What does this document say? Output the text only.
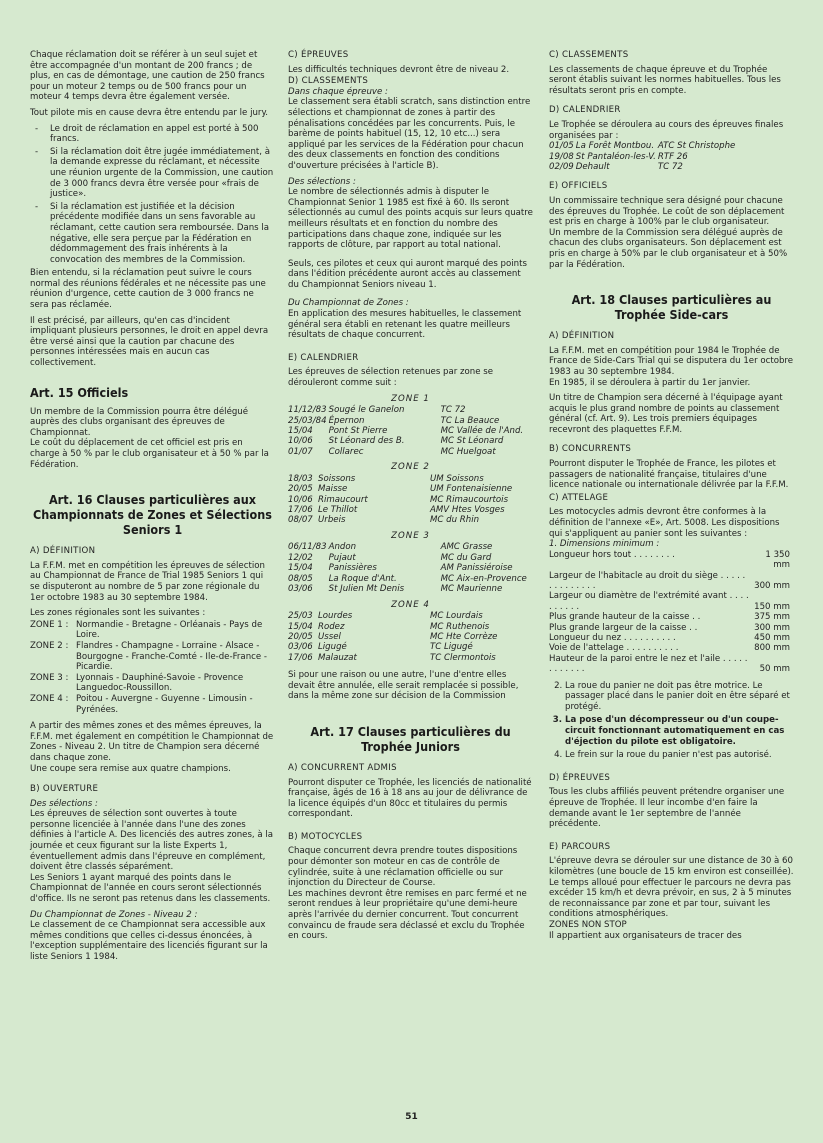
Chaque réclamation doit se référer à un seul sujet et être accompagnée d'un montant de 200 francs ; de plus, en cas de démontage, une caution de 250 francs pour un moteur 2 temps ou de 500 francs pour un moteur 4 temps devra être également versée.

Tout pilote mis en cause devra être entendu par le jury.

- Le droit de réclamation en appel est porté à 500 francs.
- Si la réclamation doit être jugée immédiatement, à la demande expresse du réclamant, et nécessite une réunion urgente de la Commission, une caution de 3 000 francs devra être versée pour «frais de justice».
- Si la réclamation est justifiée et la décision précédente modifiée dans un sens favorable au réclamant, cette caution sera remboursée. Dans la négative, elle sera perçue par la Fédération en dédommagement des frais inhérents à la convocation des membres de la Commission.

Bien entendu, si la réclamation peut suivre le cours normal des réunions fédérales et ne nécessite pas une réunion d'urgence, cette caution de 3 000 francs ne sera pas réclamée.

Il est précisé, par ailleurs, qu'en cas d'incident impliquant plusieurs personnes, le droit en appel devra être versé ainsi que la caution par chacune des personnes intéressées mais en aucun cas collectivement.

Art. 15 Officiels

Un membre de la Commission pourra être délégué auprès des clubs organisant des épreuves de Championnat.

Le coût du déplacement de cet officiel est pris en charge à 50 % par le club organisateur et à 50 % par la Fédération.

Art. 16 Clauses particulières aux Championnats de Zones et Sélections Seniors 1
A) DÉFINITION

La F.F.M. met en compétition les épreuves de sélection au Championnat de France de Trial 1985 Seniors 1 qui se disputeront au nombre de 5 par zone régionale du 1er octobre 1983 au 30 septembre 1984.

Les zones régionales sont les suivantes :

ZONE 1 : Normandie - Bretagne - Orléanais - Pays de Loire.
ZONE 2 : Flandres - Champagne - Lorraine - Alsace - Bourgogne - Franche-Comté - Ile-de-France - Picardie.
ZONE 3 : Lyonnais - Dauphiné-Savoie - Provence Languedoc-Roussillon.
ZONE 4 : Poitou - Auvergne - Guyenne - Limousin - Pyrénées.

A partir des mêmes zones et des mêmes épreuves, la F.F.M. met également en compétition le Championnat de Zones - Niveau 2. Un titre de Champion sera décerné dans chaque zone.

Une coupe sera remise aux quatre champions.

B) OUVERTURE
Des sélections :

Les épreuves de sélection sont ouvertes à toute personne licenciée à l'année dans l'une des zones définies à l'article A. Des licenciés des autres zones, à la journée et ceux figurant sur la liste Experts 1, éventuellement admis dans l'épreuve en complément, doivent être classés séparément.

Les Seniors 1 ayant marqué des points dans le Championnat de l'année en cours seront sélectionnés d'office. Ils ne seront pas retenus dans les classements.

Du Championnat de Zones - Niveau 2 :

Le classement de ce Championnat sera accessible aux mêmes conditions que celles ci-dessus énoncées, à l'exception supplémentaire des licenciés figurant sur la liste Seniors 1 1984.

C) ÉPREUVES

Les difficultés techniques devront être de niveau 2.

D) CLASSEMENTS
Dans chaque épreuve :

Le classement sera établi scratch, sans distinction entre sélections et championnat de zones à partir des pénalisations concédées par les concurrents. Puis, le barème de points habituel (15, 12, 10 etc...) sera appliqué par les services de la Fédération pour chacun des deux classements en fonction des conditions d'ouverture précisées à l'article B).

Des sélections :

Le nombre de sélectionnés admis à disputer le Championnat Senior 1 1985 est fixé à 60. Ils seront sélectionnés au cumul des points acquis sur leurs quatre meilleurs résultats et en fonction du nombre des participations dans chaque zone, indiquée sur les rapports de clôture, par rapport au total national.

Seuls, ces pilotes et ceux qui auront marqué des points dans l'édition précédente auront accès au classement du Championnat Seniors niveau 1.

Du Championnat de Zones :

En application des mesures habituelles, le classement général sera établi en retenant les quatre meilleurs résultats de chaque concurrent.

E) CALENDRIER

Les épreuves de sélection retenues par zone se dérouleront comme suit :

ZONE 1
11/12/83	Sougé le Ganelon	TC 72
25/03/84	Épernon	TC La Beauce
15/04	Pont St Pierre	MC Vallée de l'And.
10/06	St Léonard des B.	MC St Léonard
01/07	Collarec	MC Huelgoat
ZONE 2
18/03	Soissons	UM Soissons
20/05	Maisse	UM Fontenaisienne
10/06	Rimaucourt	MC Rimaucourtois
17/06	Le Thillot	AMV Htes Vosges
08/07	Urbeis	MC du Rhin
ZONE 3
06/11/83	Andon	AMC Grasse
12/02	Pujaut	MC du Gard
15/04	Panissières	AM Panissiéroise
08/05	La Roque d'Ant.	MC Aix-en-Provence
03/06	St Julien Mt Denis	MC Maurienne
ZONE 4
25/03	Lourdes	MC Lourdais
15/04	Rodez	MC Ruthenois
20/05	Ussel	MC Hte Corrèze
03/06	Ligugé	TC Ligugé
17/06	Malauzat	TC Clermontois

Si pour une raison ou une autre, l'une d'entre elles devait être annulée, elle serait remplacée si possible, dans la même zone sur décision de la Commission

Art. 17 Clauses particulières du Trophée Juniors
A) CONCURRENT ADMIS

Pourront disputer ce Trophée, les licenciés de nationalité française, âgés de 16 à 18 ans au jour de délivrance de la licence équipés d'un 80cc et titulaires du permis correspondant.

B) MOTOCYCLES

Chaque concurrent devra prendre toutes dispositions pour démonter son moteur en cas de contrôle de cylindrée, suite à une réclamation officielle ou sur injonction du Directeur de Course.

Les machines devront être remises en parc fermé et ne seront rendues à leur propriétaire qu'une demi-heure après l'arrivée du dernier concurrent. Tout concurrent convaincu de fraude sera déclassé et exclu du Trophée en cours.

C) CLASSEMENTS

Les classements de chaque épreuve et du Trophée seront établis suivant les normes habituelles. Tous les résultats seront pris en compte.

D) CALENDRIER

Le Trophée se déroulera au cours des épreuves finales organisées par :

01/05	La Forêt Montbou.	ATC St Christophe
19/08	St Pantaléon-les-V.	RTF 26
02/09	Dehault	TC 72
E) OFFICIELS

Un commissaire technique sera désigné pour chacune des épreuves du Trophée. Le coût de son déplacement est pris en charge à 100% par le club organisateur.

Un membre de la Commission sera délégué auprès de chacun des clubs organisateurs. Son déplacement est pris en charge à 50% par le club organisateur et à 50% par la Fédération.

Art. 18 Clauses particulières au Trophée Side-cars
A) DÉFINITION

La F.F.M. met en compétition pour 1984 le Trophée de France de Side-Cars Trial qui se disputera du 1er octobre 1983 au 30 septembre 1984.

En 1985, il se déroulera à partir du 1er janvier.

Un titre de Champion sera décerné à l'équipage ayant acquis le plus grand nombre de points au classement général (cf. Art. 9). Les trois premiers équipages recevront des plaquettes F.F.M.

B) CONCURRENTS

Pourront disputer le Trophée de France, les pilotes et passagers de nationalité française, titulaires d'une licence nationale ou internationale délivrée par la F.F.M.

C) ATTELAGE

Les motocycles admis devront être conformes à la définition de l'annexe «E», Art. 5008. Les dispositions qui s'appliquent au panier sont les suivantes :

1. Dimensions minimum :
Longueur hors tout . . . . . . . .	1 350 mm
Largeur de l'habitacle au droit du siège . . . . . . . . . . . . . .	300 mm
Largeur ou diamètre de l'extrémité avant . . . . . . . . . .	150 mm
Plus grande hauteur de la caisse . .	375 mm
Plus grande largeur de la caisse . .	300 mm
Longueur du nez . . . . . . . . . .	450 mm
Voie de l'attelage . . . . . . . . . .	800 mm
Hauteur de la paroi entre le nez et l'aile . . . . . . . . . . . .	50 mm
2. La roue du panier ne doit pas être motrice. Le passager placé dans le panier doit en être séparé et protégé.
3. La pose d'un décompresseur ou d'un coupe-circuit fonctionnant automatiquement en cas d'éjection du pilote est obligatoire.
4. Le frein sur la roue du panier n'est pas autorisé.
D) ÉPREUVES

Tous les clubs affiliés peuvent prétendre organiser une épreuve de Trophée. Il leur incombe d'en faire la demande avant le 1er septembre de l'année précédente.

E) PARCOURS

L'épreuve devra se dérouler sur une distance de 30 à 60 kilomètres (une boucle de 15 km environ est conseillée).

Le temps alloué pour effectuer le parcours ne devra pas excéder 15 km/h et devra prévoir, en sus, 2 à 5 minutes de reconnaissance par zone et par tour, suivant les conditions atmosphériques.

ZONES NON STOP

Il appartient aux organisateurs de tracer des

51
